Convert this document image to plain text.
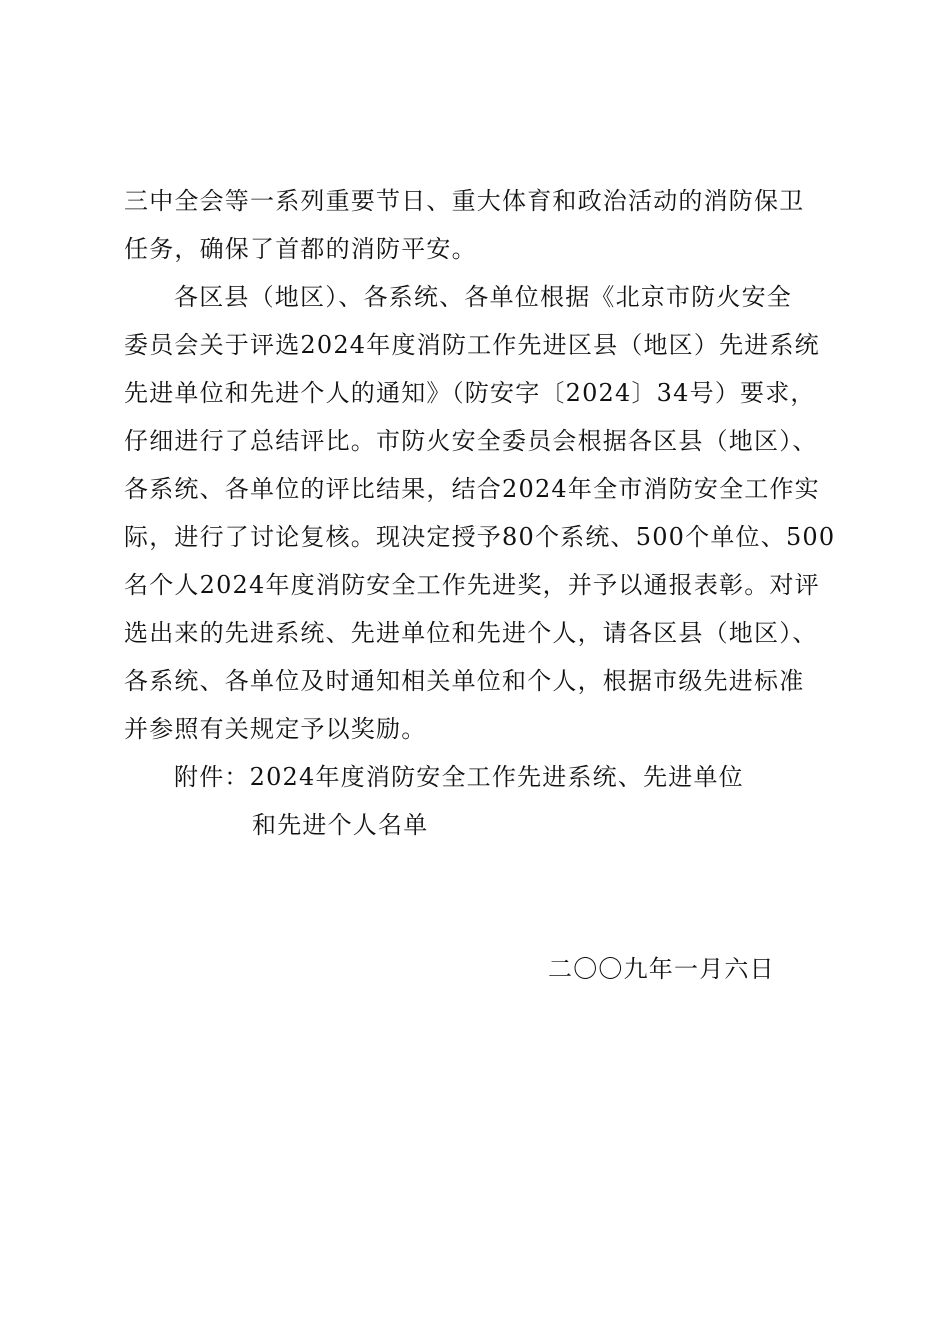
三中全会等一系列重要节日、重大体育和政治活动的消防保卫

任务，确保了首都的消防平安。

各区县（地区）、各系统、各单位根据《北京市防火安全

委员会关于评选2024年度消防工作先进区县（地区）先进系统

先进单位和先进个人的通知》（防安字〔2024〕34号）要求，

仔细进行了总结评比。市防火安全委员会根据各区县（地区）、

各系统、各单位的评比结果，结合2024年全市消防安全工作实

际，进行了讨论复核。现决定授予80个系统、500个单位、500

名个人2024年度消防安全工作先进奖，并予以通报表彰。对评

选出来的先进系统、先进单位和先进个人，请各区县（地区）、

各系统、各单位及时通知相关单位和个人，根据市级先进标准

并参照有关规定予以奖励。

附件：2024年度消防安全工作先进系统、先进单位

和先进个人名单

二〇〇九年一月六日
